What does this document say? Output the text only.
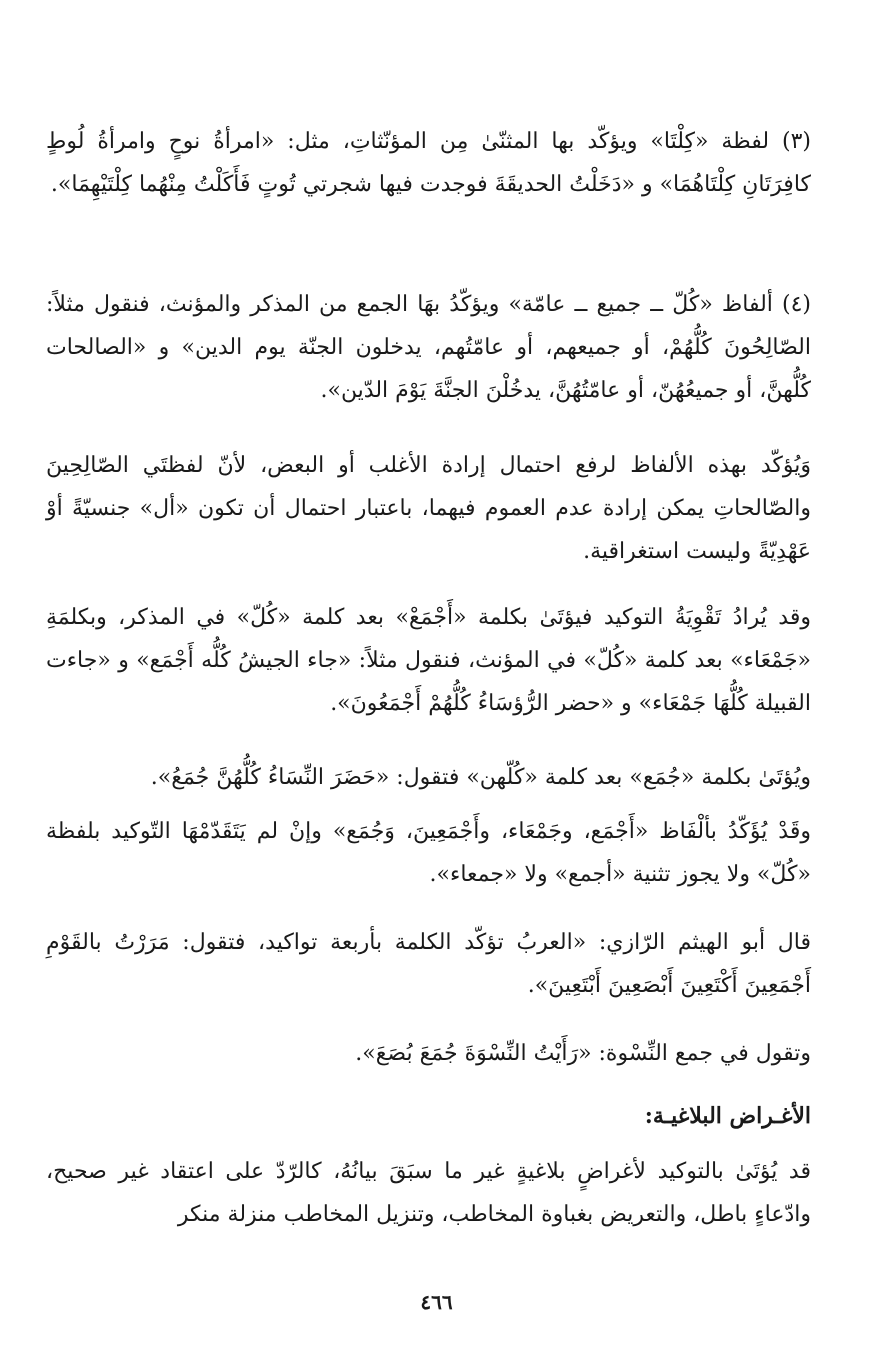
(٣) لفظة «كِلْتَا» ويؤكّد بها المثنّىٰ مِن المؤنّثاتِ، مثل: «امرأةُ نوحٍ وامرأةُ لُوطٍ كافِرَتَانِ كِلْتَاهُمَا» و «دَخَلْتُ الحديقَةَ فوجدت فيها شجرتي تُوتٍ فَأَكَلْتُ مِنْهُما كِلْتَيْهِمَا».

(٤) ألفاظ «كُلّ ــ جميع ــ عامّة» ويؤكّدُ بهَا الجمع من المذكر والمؤنث، فنقول مثلاً: الصّالِحُونَ كُلُّهُمْ، أو جميعهم، أو عامّتُهم، يدخلون الجنّة يوم الدين» و «الصالحات كُلُّهنَّ، أو جميعُهُنّ، أو عامّتُهُنَّ، يدخُلْنَ الجنَّةَ يَوْمَ الدّين».

وَيُؤكّد بهذه الألفاظ لرفع احتمال إرادة الأغلب أو البعض، لأنّ لفظتَي الصّالِحِينَ والصّالحاتِ يمكن إرادة عدم العموم فيهما، باعتبار احتمال أن تكون «أل» جنسيّةً أوْ عَهْدِيّةً وليست استغراقية.

وقد يُرادُ تَقْوِيَةُ التوكيد فيؤتَىٰ بكلمة «أَجْمَعْ» بعد كلمة «كُلّ» في المذكر، وبكلمَةِ «جَمْعَاء» بعد كلمة «كُلّ» في المؤنث، فنقول مثلاً: «جاء الجيشُ كُلُّه أَجْمَع» و «جاءت القبيلة كُلُّهَا جَمْعَاء» و «حضر الرُّؤسَاءُ كُلُّهُمْ أَجْمَعُونَ».

ويُؤتَىٰ بكلمة «جُمَع» بعد كلمة «كُلّهن» فتقول: «حَضَرَ النِّسَاءُ كُلُّهُنَّ جُمَعُ».

وقَدْ يُؤَكّدُ بألْفَاظ «أَجْمَع، وجَمْعَاء، وأَجْمَعِينَ، وَجُمَع» وإنْ لم يَتَقَدّمْهَا التّوكيد بلفظة «كُلّ» ولا يجوز تثنية «أجمع» ولا «جمعاء».

قال أبو الهيثم الرّازي: «العربُ تؤكّد الكلمة بأربعة تواكيد، فتقول: مَرَرْتُ بالقَوْمِ أَجْمَعِينَ أَكْتَعِينَ أَبْصَعِينَ أَبْتَعِينَ».

وتقول في جمع النِّسْوة: «رَأَيْتُ النِّسْوَةَ جُمَعَ بُصَعَ».

الأغـراض البلاغيـة:

قد يُؤتَىٰ بالتوكيد لأغراضٍ بلاغيةٍ غير ما سبَقَ بيانُهُ، كالرّدّ على اعتقاد غير صحيح، وادّعاءٍ باطل، والتعريض بغباوة المخاطب، وتنزيل المخاطب منزلة منكر

٤٦٦
